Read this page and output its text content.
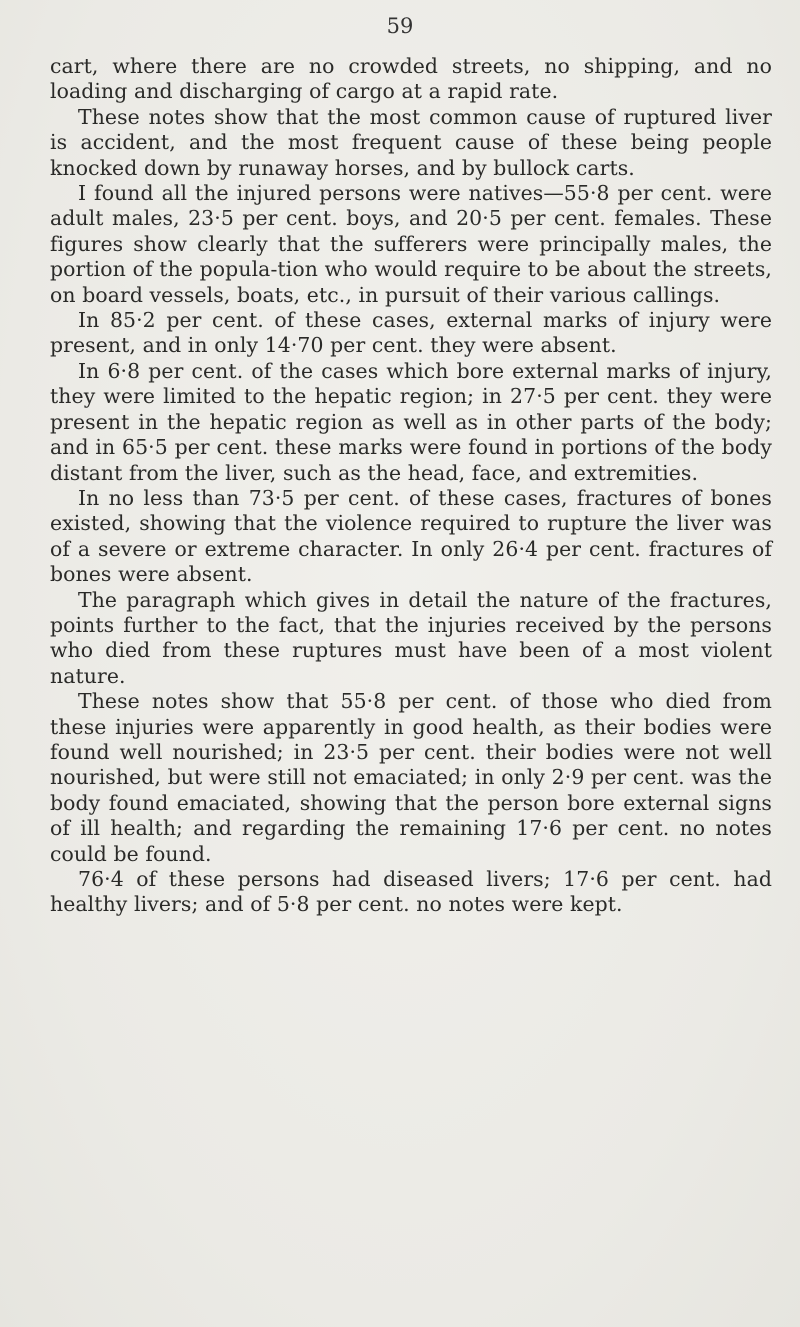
59

cart, where there are no crowded streets, no shipping, and no loading and discharging of cargo at a rapid rate.

These notes show that the most common cause of ruptured liver is accident, and the most frequent cause of these being people knocked down by runaway horses, and by bullock carts.

I found all the injured persons were natives—55·8 per cent. were adult males, 23·5 per cent. boys, and 20·5 per cent. females. These figures show clearly that the sufferers were principally males, the portion of the popula-tion who would require to be about the streets, on board vessels, boats, etc., in pursuit of their various callings.

In 85·2 per cent. of these cases, external marks of injury were present, and in only 14·70 per cent. they were absent.

In 6·8 per cent. of the cases which bore external marks of injury, they were limited to the hepatic region; in 27·5 per cent. they were present in the hepatic region as well as in other parts of the body; and in 65·5 per cent. these marks were found in portions of the body distant from the liver, such as the head, face, and extremities.

In no less than 73·5 per cent. of these cases, fractures of bones existed, showing that the violence required to rupture the liver was of a severe or extreme character. In only 26·4 per cent. fractures of bones were absent.

The paragraph which gives in detail the nature of the fractures, points further to the fact, that the injuries received by the persons who died from these ruptures must have been of a most violent nature.

These notes show that 55·8 per cent. of those who died from these injuries were apparently in good health, as their bodies were found well nourished; in 23·5 per cent. their bodies were not well nourished, but were still not emaciated; in only 2·9 per cent. was the body found emaciated, showing that the person bore external signs of ill health; and regarding the remaining 17·6 per cent. no notes could be found.

76·4 of these persons had diseased livers; 17·6 per cent. had healthy livers; and of 5·8 per cent. no notes were kept.
